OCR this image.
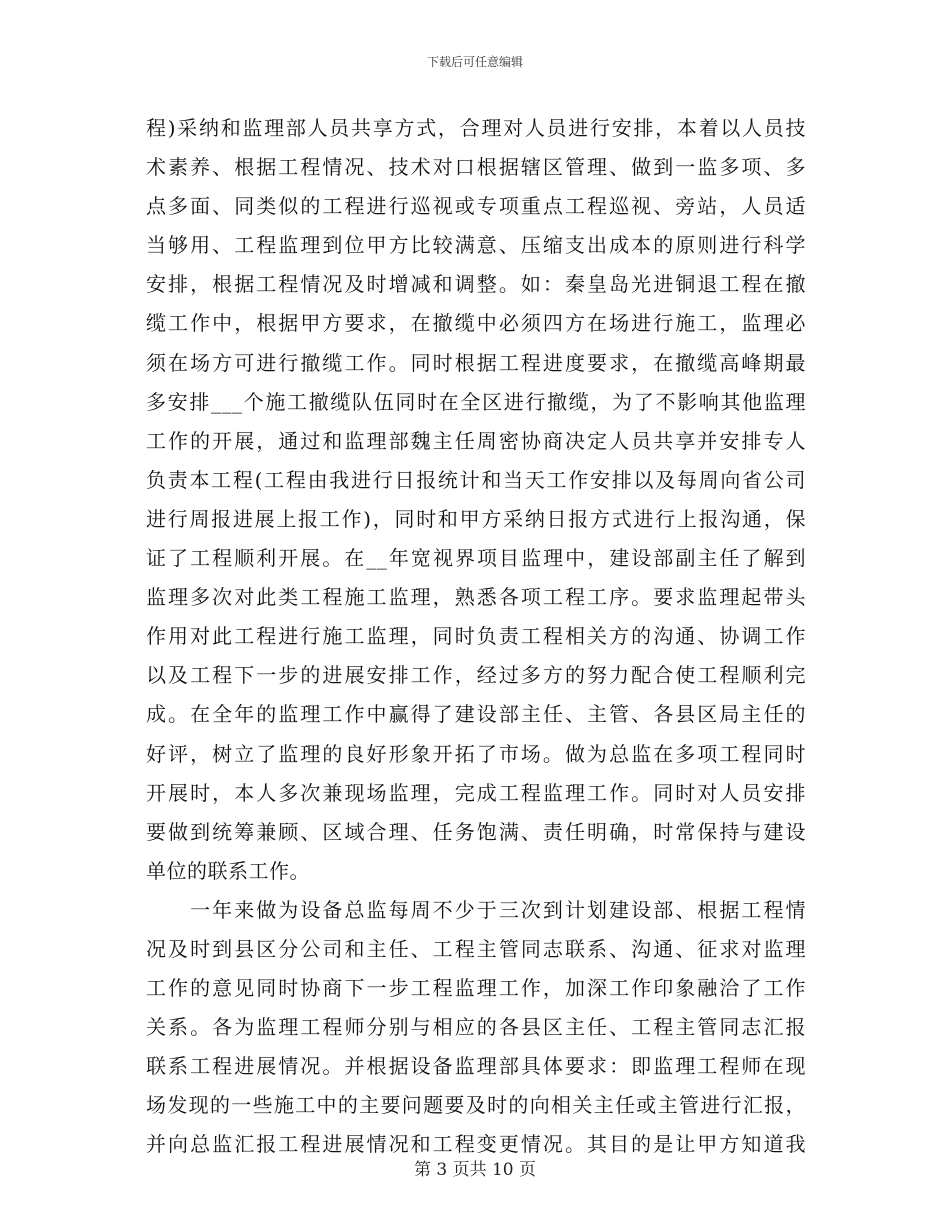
下载后可任意编辑
程)采纳和监理部人员共享方式，合理对人员进行安排，本着以人员技
术素养、根据工程情况、技术对口根据辖区管理、做到一监多项、多
点多面、同类似的工程进行巡视或专项重点工程巡视、旁站，人员适
当够用、工程监理到位甲方比较满意、压缩支出成本的原则进行科学
安排，根据工程情况及时增减和调整。如：秦皇岛光进铜退工程在撤
缆工作中，根据甲方要求，在撤缆中必须四方在场进行施工，监理必
须在场方可进行撤缆工作。同时根据工程进度要求，在撤缆高峰期最
多安排___个施工撤缆队伍同时在全区进行撤缆，为了不影响其他监理
工作的开展，通过和监理部魏主任周密协商决定人员共享并安排专人
负责本工程(工程由我进行日报统计和当天工作安排以及每周向省公司
进行周报进展上报工作)，同时和甲方采纳日报方式进行上报沟通，保
证了工程顺利开展。在__年宽视界项目监理中，建设部副主任了解到
监理多次对此类工程施工监理，熟悉各项工程工序。要求监理起带头
作用对此工程进行施工监理，同时负责工程相关方的沟通、协调工作
以及工程下一步的进展安排工作，经过多方的努力配合使工程顺利完
成。在全年的监理工作中赢得了建设部主任、主管、各县区局主任的
好评，树立了监理的良好形象开拓了市场。做为总监在多项工程同时
开展时，本人多次兼现场监理，完成工程监理工作。同时对人员安排
要做到统筹兼顾、区域合理、任务饱满、责任明确，时常保持与建设
单位的联系工作。
　　一年来做为设备总监每周不少于三次到计划建设部、根据工程情
况及时到县区分公司和主任、工程主管同志联系、沟通、征求对监理
工作的意见同时协商下一步工程监理工作，加深工作印象融洽了工作
关系。各为监理工程师分别与相应的各县区主任、工程主管同志汇报
联系工程进展情况。并根据设备监理部具体要求：即监理工程师在现
场发现的一些施工中的主要问题要及时的向相关主任或主管进行汇报，
并向总监汇报工程进展情况和工程变更情况。其目的是让甲方知道我
第 3 页共 10 页
